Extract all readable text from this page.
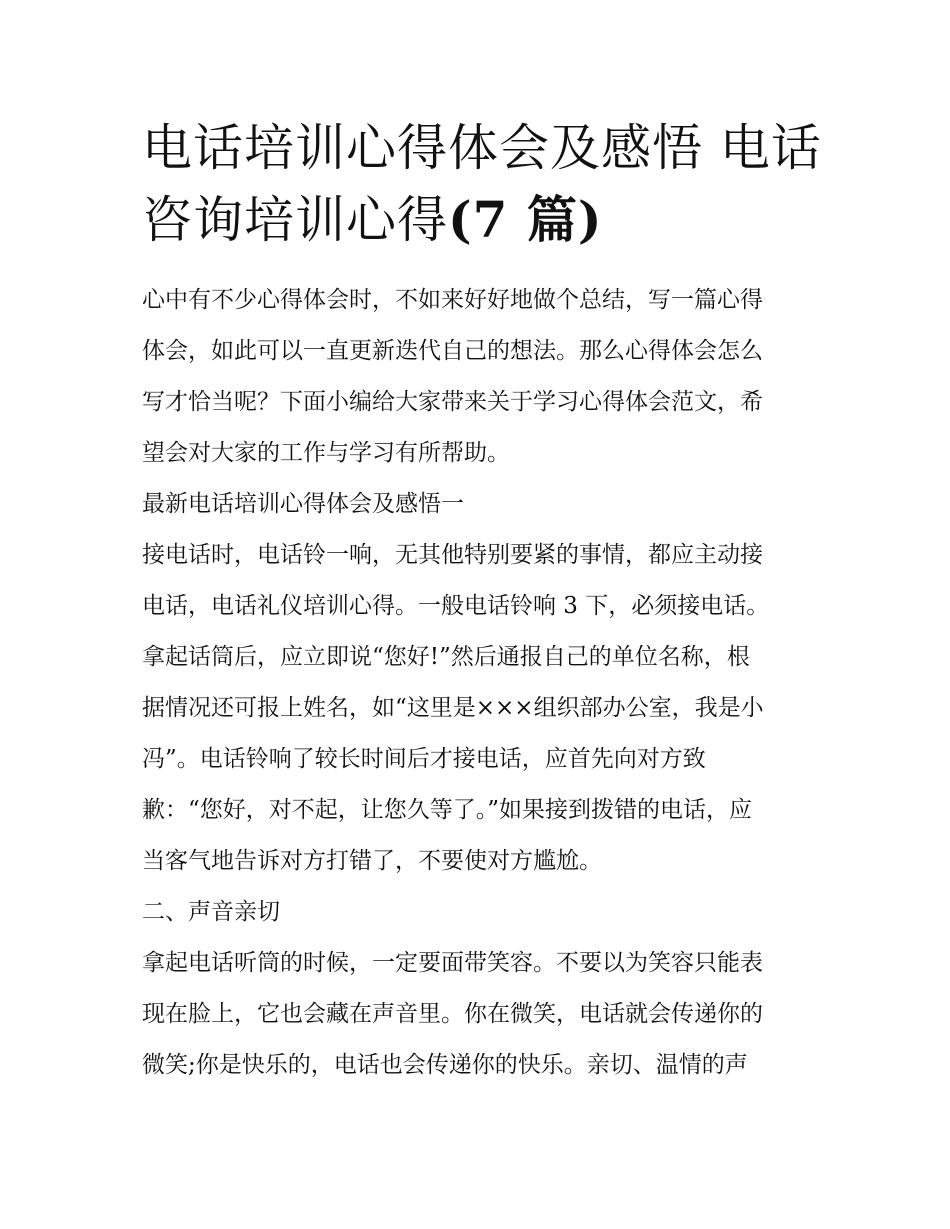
电话培训心得体会及感悟 电话
咨询培训心得(7 篇)
心中有不少心得体会时，不如来好好地做个总结，写一篇心得
体会，如此可以一直更新迭代自己的想法。那么心得体会怎么
写才恰当呢？下面小编给大家带来关于学习心得体会范文，希
望会对大家的工作与学习有所帮助。
最新电话培训心得体会及感悟一
接电话时，电话铃一响，无其他特别要紧的事情，都应主动接
电话，电话礼仪培训心得。一般电话铃响 3 下，必须接电话。
拿起话筒后，应立即说“您好!”然后通报自己的单位名称，根
据情况还可报上姓名，如“这里是×××组织部办公室，我是小
冯”。电话铃响了较长时间后才接电话，应首先向对方致
歉：“您好，对不起，让您久等了。”如果接到拨错的电话，应
当客气地告诉对方打错了，不要使对方尴尬。
二、声音亲切
拿起电话听筒的时候，一定要面带笑容。不要以为笑容只能表
现在脸上，它也会藏在声音里。你在微笑，电话就会传递你的
微笑;你是快乐的，电话也会传递你的快乐。亲切、温情的声
